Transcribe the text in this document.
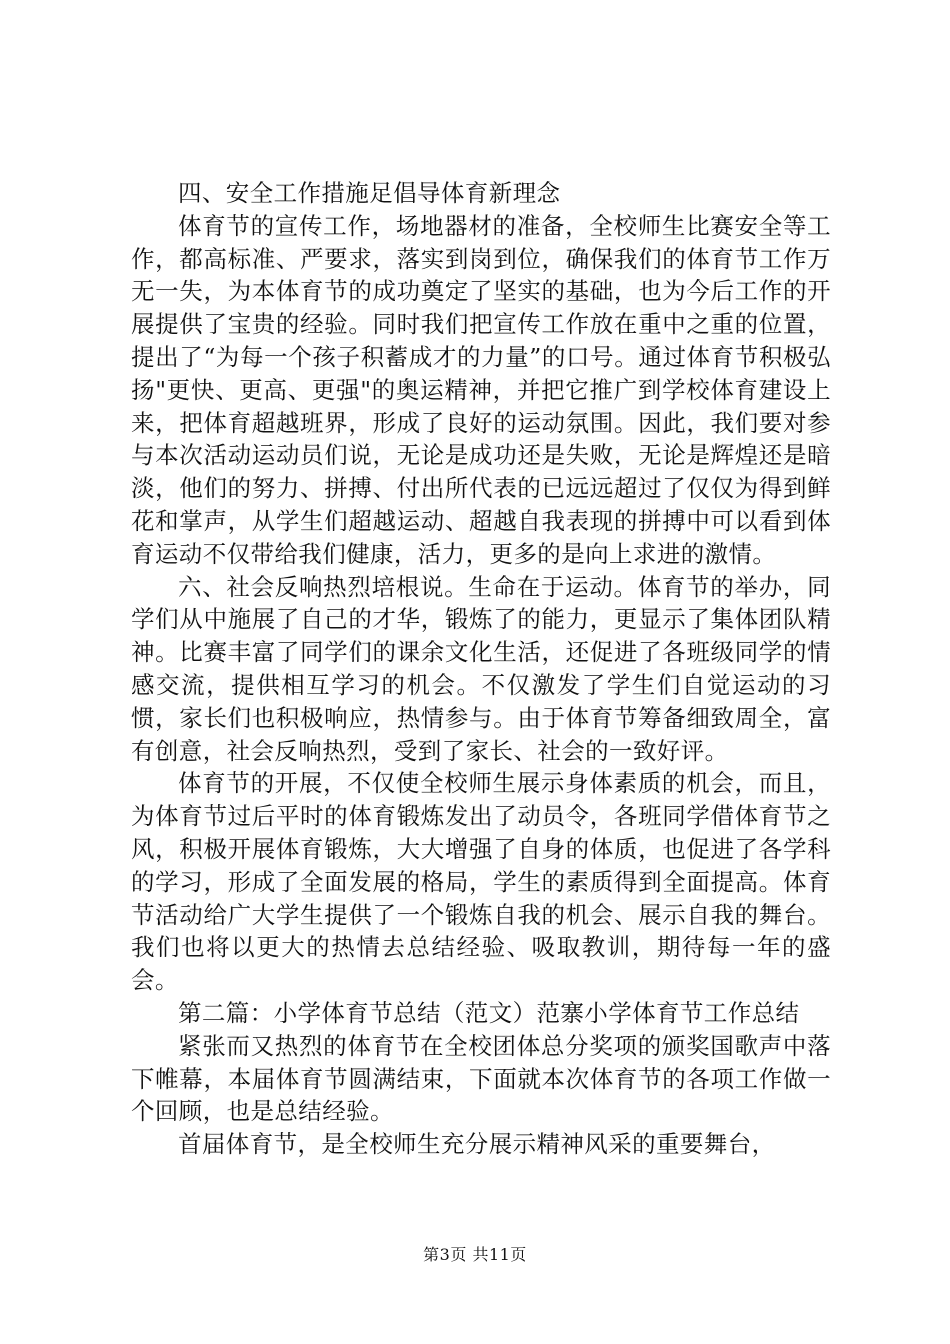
四、安全工作措施足倡导体育新理念

体育节的宣传工作，场地器材的准备，全校师生比赛安全等工作，都高标准、严要求，落实到岗到位，确保我们的体育节工作万无一失，为本体育节的成功奠定了坚实的基础，也为今后工作的开展提供了宝贵的经验。同时我们把宣传工作放在重中之重的位置，提出了“为每一个孩子积蓄成才的力量”的口号。通过体育节积极弘扬"更快、更高、更强"的奥运精神，并把它推广到学校体育建设上来，把体育超越班界，形成了良好的运动氛围。因此，我们要对参与本次活动运动员们说，无论是成功还是失败，无论是辉煌还是暗淡，他们的努力、拼搏、付出所代表的已远远超过了仅仅为得到鲜花和掌声，从学生们超越运动、超越自我表现的拼搏中可以看到体育运动不仅带给我们健康，活力，更多的是向上求进的激情。

六、社会反响热烈培根说。生命在于运动。体育节的举办，同学们从中施展了自己的才华，锻炼了的能力，更显示了集体团队精神。比赛丰富了同学们的课余文化生活，还促进了各班级同学的情感交流，提供相互学习的机会。不仅激发了学生们自觉运动的习惯，家长们也积极响应，热情参与。由于体育节筹备细致周全，富有创意，社会反响热烈，受到了家长、社会的一致好评。

体育节的开展，不仅使全校师生展示身体素质的机会，而且，为体育节过后平时的体育锻炼发出了动员令，各班同学借体育节之风，积极开展体育锻炼，大大增强了自身的体质，也促进了各学科的学习，形成了全面发展的格局，学生的素质得到全面提高。体育节活动给广大学生提供了一个锻炼自我的机会、展示自我的舞台。我们也将以更大的热情去总结经验、吸取教训，期待每一年的盛会。

第二篇：小学体育节总结（范文）范寨小学体育节工作总结

紧张而又热烈的体育节在全校团体总分奖项的颁奖国歌声中落下帷幕，本届体育节圆满结束，下面就本次体育节的各项工作做一个回顾，也是总结经验。

首届体育节，是全校师生充分展示精神风采的重要舞台，

第3页 共11页
